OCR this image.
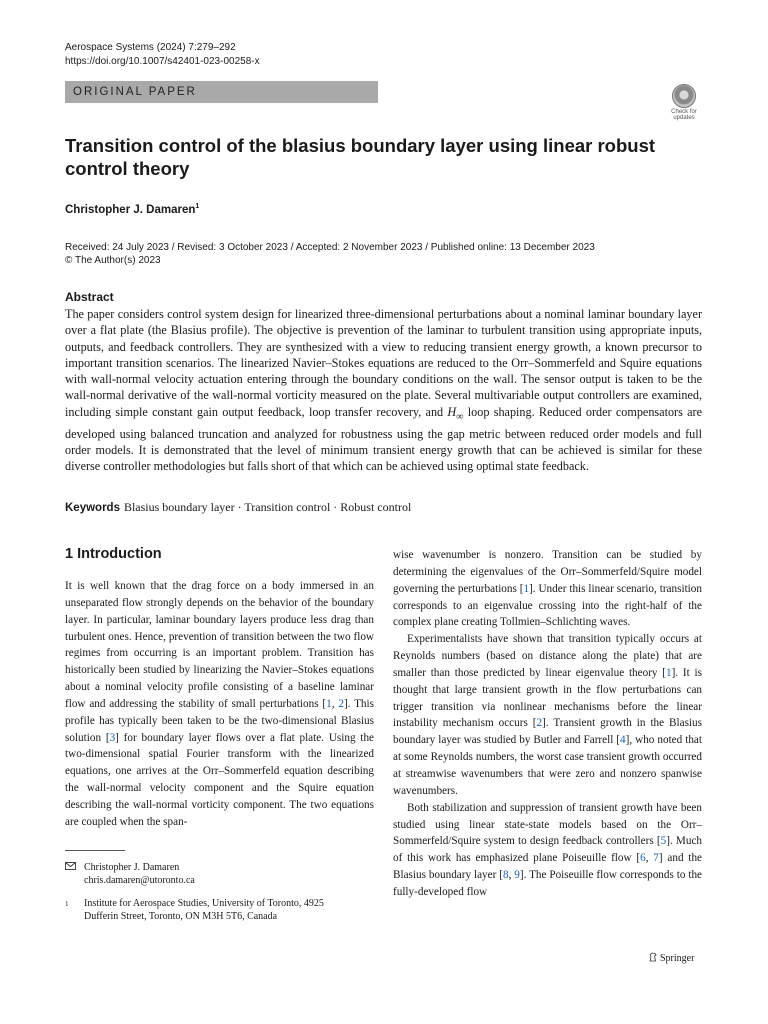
Aerospace Systems (2024) 7:279–292
https://doi.org/10.1007/s42401-023-00258-x
ORIGINAL PAPER
Check for
updates
Transition control of the blasius boundary layer using linear robust control theory
Christopher J. Damaren$^1$
Received: 24 July 2023 / Revised: 3 October 2023 / Accepted: 2 November 2023 / Published online: 13 December 2023
© The Author(s) 2023
Abstract

The paper considers control system design for linearized three-dimensional perturbations about a nominal laminar boundary layer over a flat plate (the Blasius profile). The objective is prevention of the laminar to turbulent transition using appropriate inputs, outputs, and feedback controllers. They are synthesized with a view to reducing transient energy growth, a known precursor to important transition scenarios. The linearized Navier–Stokes equations are reduced to the Orr–Sommerfeld and Squire equations with wall-normal velocity actuation entering through the boundary conditions on the wall. The sensor output is taken to be the wall-normal derivative of the wall-normal vorticity measured on the plate. Several multivariable output controllers are examined, including simple constant gain output feedback, loop transfer recovery, and $H_\infty$ loop shaping. Reduced order compensators are developed using balanced truncation and analyzed for robustness using the gap metric between reduced order models and full order models. It is demonstrated that the level of minimum transient energy growth that can be achieved is similar for these diverse controller methodologies but falls short of that which can be achieved using optimal state feedback.

Keywords Blasius boundary layer · Transition control · Robust control
1 Introduction

It is well known that the drag force on a body immersed in an unseparated flow strongly depends on the behavior of the boundary layer. In particular, laminar boundary layers produce less drag than turbulent ones. Hence, prevention of transition between the two flow regimes from occurring is an important problem. Transition has historically been studied by linearizing the Navier–Stokes equations about a nominal velocity profile consisting of a baseline laminar flow and addressing the stability of small perturbations [1, 2]. This profile has typically been taken to be the two-dimensional Blasius solution [3] for boundary layer flows over a flat plate. Using the two-dimensional spatial Fourier transform with the linearized equations, one arrives at the Orr–Sommerfeld equation describing the wall-normal velocity component and the Squire equation describing the wall-normal vorticity component. The two equations are coupled when the span-

wise wavenumber is nonzero. Transition can be studied by determining the eigenvalues of the Orr–Sommerfeld/Squire model governing the perturbations [1]. Under this linear scenario, transition corresponds to an eigenvalue crossing into the right-half of the complex plane creating Tollmien–Schlichting waves.

Experimentalists have shown that transition typically occurs at Reynolds numbers (based on distance along the plate) that are smaller than those predicted by linear eigenvalue theory [1]. It is thought that large transient growth in the flow perturbations can trigger transition via nonlinear mechanisms before the linear instability mechanism occurs [2]. Transient growth in the Blasius boundary layer was studied by Butler and Farrell [4], who noted that at some Reynolds numbers, the worst case transient growth occurred at streamwise wavenumbers that were zero and nonzero spanwise wavenumbers.

Both stabilization and suppression of transient growth have been studied using linear state-state models based on the Orr–Sommerfeld/Squire system to design feedback controllers [5]. Much of this work has emphasized plane Poiseuille flow [6, 7] and the Blasius boundary layer [8, 9]. The Poiseuille flow corresponds to the fully-developed flow

Christopher J. Damaren
chris.damaren@utoronto.ca
1	Institute for Aerospace Studies, University of Toronto, 4925
Dufferin Street, Toronto, ON M3H 5T6, Canada
Springer
